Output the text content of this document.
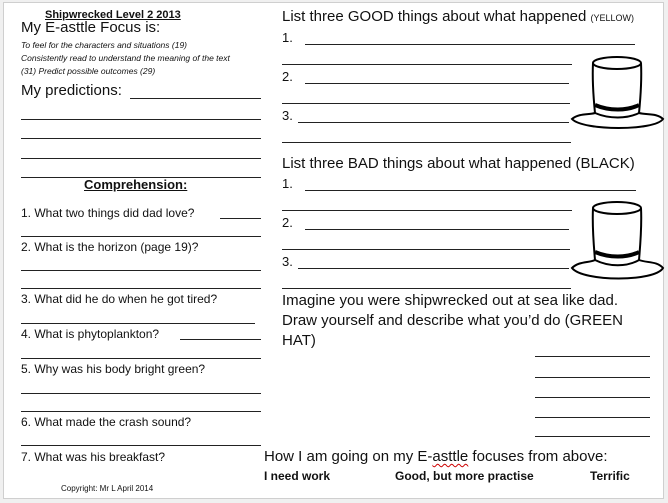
Shipwrecked Level 2 2013
My E-asttle Focus is:
To feel for the characters and situations (19)
Consistently read to understand the meaning of the text
(31) Predict possible outcomes (29)
My predictions:
Comprehension:
1. What two things did dad love?
2. What is the horizon (page 19)?
3. What did he do when he got tired?
4. What is phytoplankton?
5. Why was his body bright green?
6. What made the crash sound?
7. What was his breakfast?
Copyright: Mr L April 2014
List three GOOD things about what happened (YELLOW)
1.
2.
3.
List three BAD things about what happened (BLACK)
1.
2.
3.
Imagine you were shipwrecked out at sea like dad.
Draw yourself and describe what you’d do (GREEN
HAT)
How I am going on my E-asttle focuses from above:
I need work	Good, but more practise	Terrific
